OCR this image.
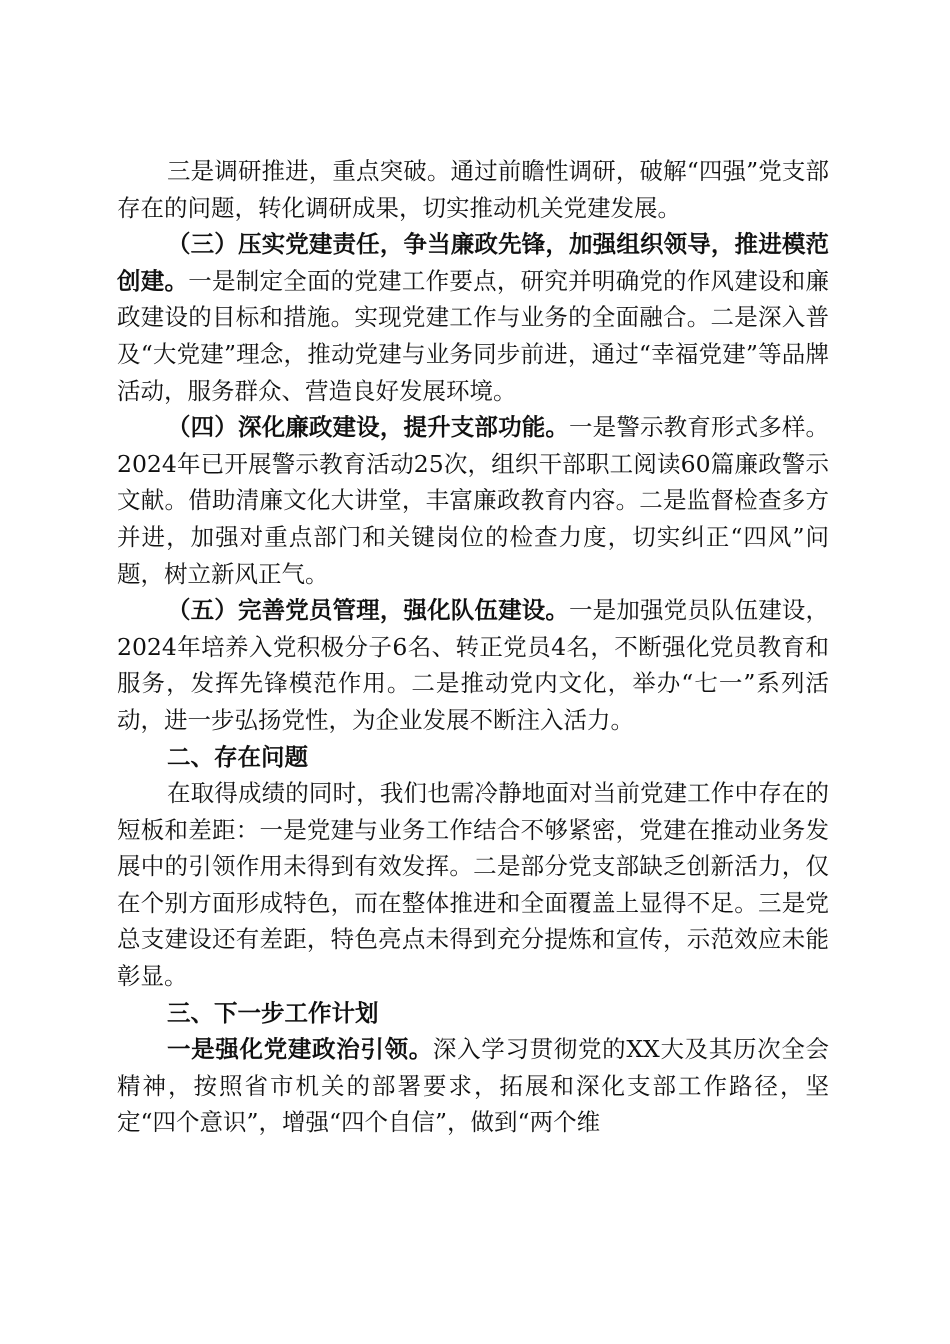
三是调研推进，重点突破。通过前瞻性调研，破解“四强”党支部存在的问题，转化调研成果，切实推动机关党建发展。

（三）压实党建责任，争当廉政先锋，加强组织领导，推进模范创建。一是制定全面的党建工作要点，研究并明确党的作风建设和廉政建设的目标和措施。实现党建工作与业务的全面融合。二是深入普及“大党建”理念，推动党建与业务同步前进，通过“幸福党建”等品牌活动，服务群众、营造良好发展环境。

（四）深化廉政建设，提升支部功能。一是警示教育形式多样。2024年已开展警示教育活动25次，组织干部职工阅读60篇廉政警示文献。借助清廉文化大讲堂，丰富廉政教育内容。二是监督检查多方并进，加强对重点部门和关键岗位的检查力度，切实纠正“四风”问题，树立新风正气。

（五）完善党员管理，强化队伍建设。一是加强党员队伍建设，2024年培养入党积极分子6名、转正党员4名，不断强化党员教育和服务，发挥先锋模范作用。二是推动党内文化，举办“七一”系列活动，进一步弘扬党性，为企业发展不断注入活力。

二、存在问题

在取得成绩的同时，我们也需冷静地面对当前党建工作中存在的短板和差距：一是党建与业务工作结合不够紧密，党建在推动业务发展中的引领作用未得到有效发挥。二是部分党支部缺乏创新活力，仅在个别方面形成特色，而在整体推进和全面覆盖上显得不足。三是党总支建设还有差距，特色亮点未得到充分提炼和宣传，示范效应未能彰显。

三、下一步工作计划

一是强化党建政治引领。深入学习贯彻党的XX大及其历次全会精神，按照省市机关的部署要求，拓展和深化支部工作路径，坚定“四个意识”，增强“四个自信”，做到“两个维
